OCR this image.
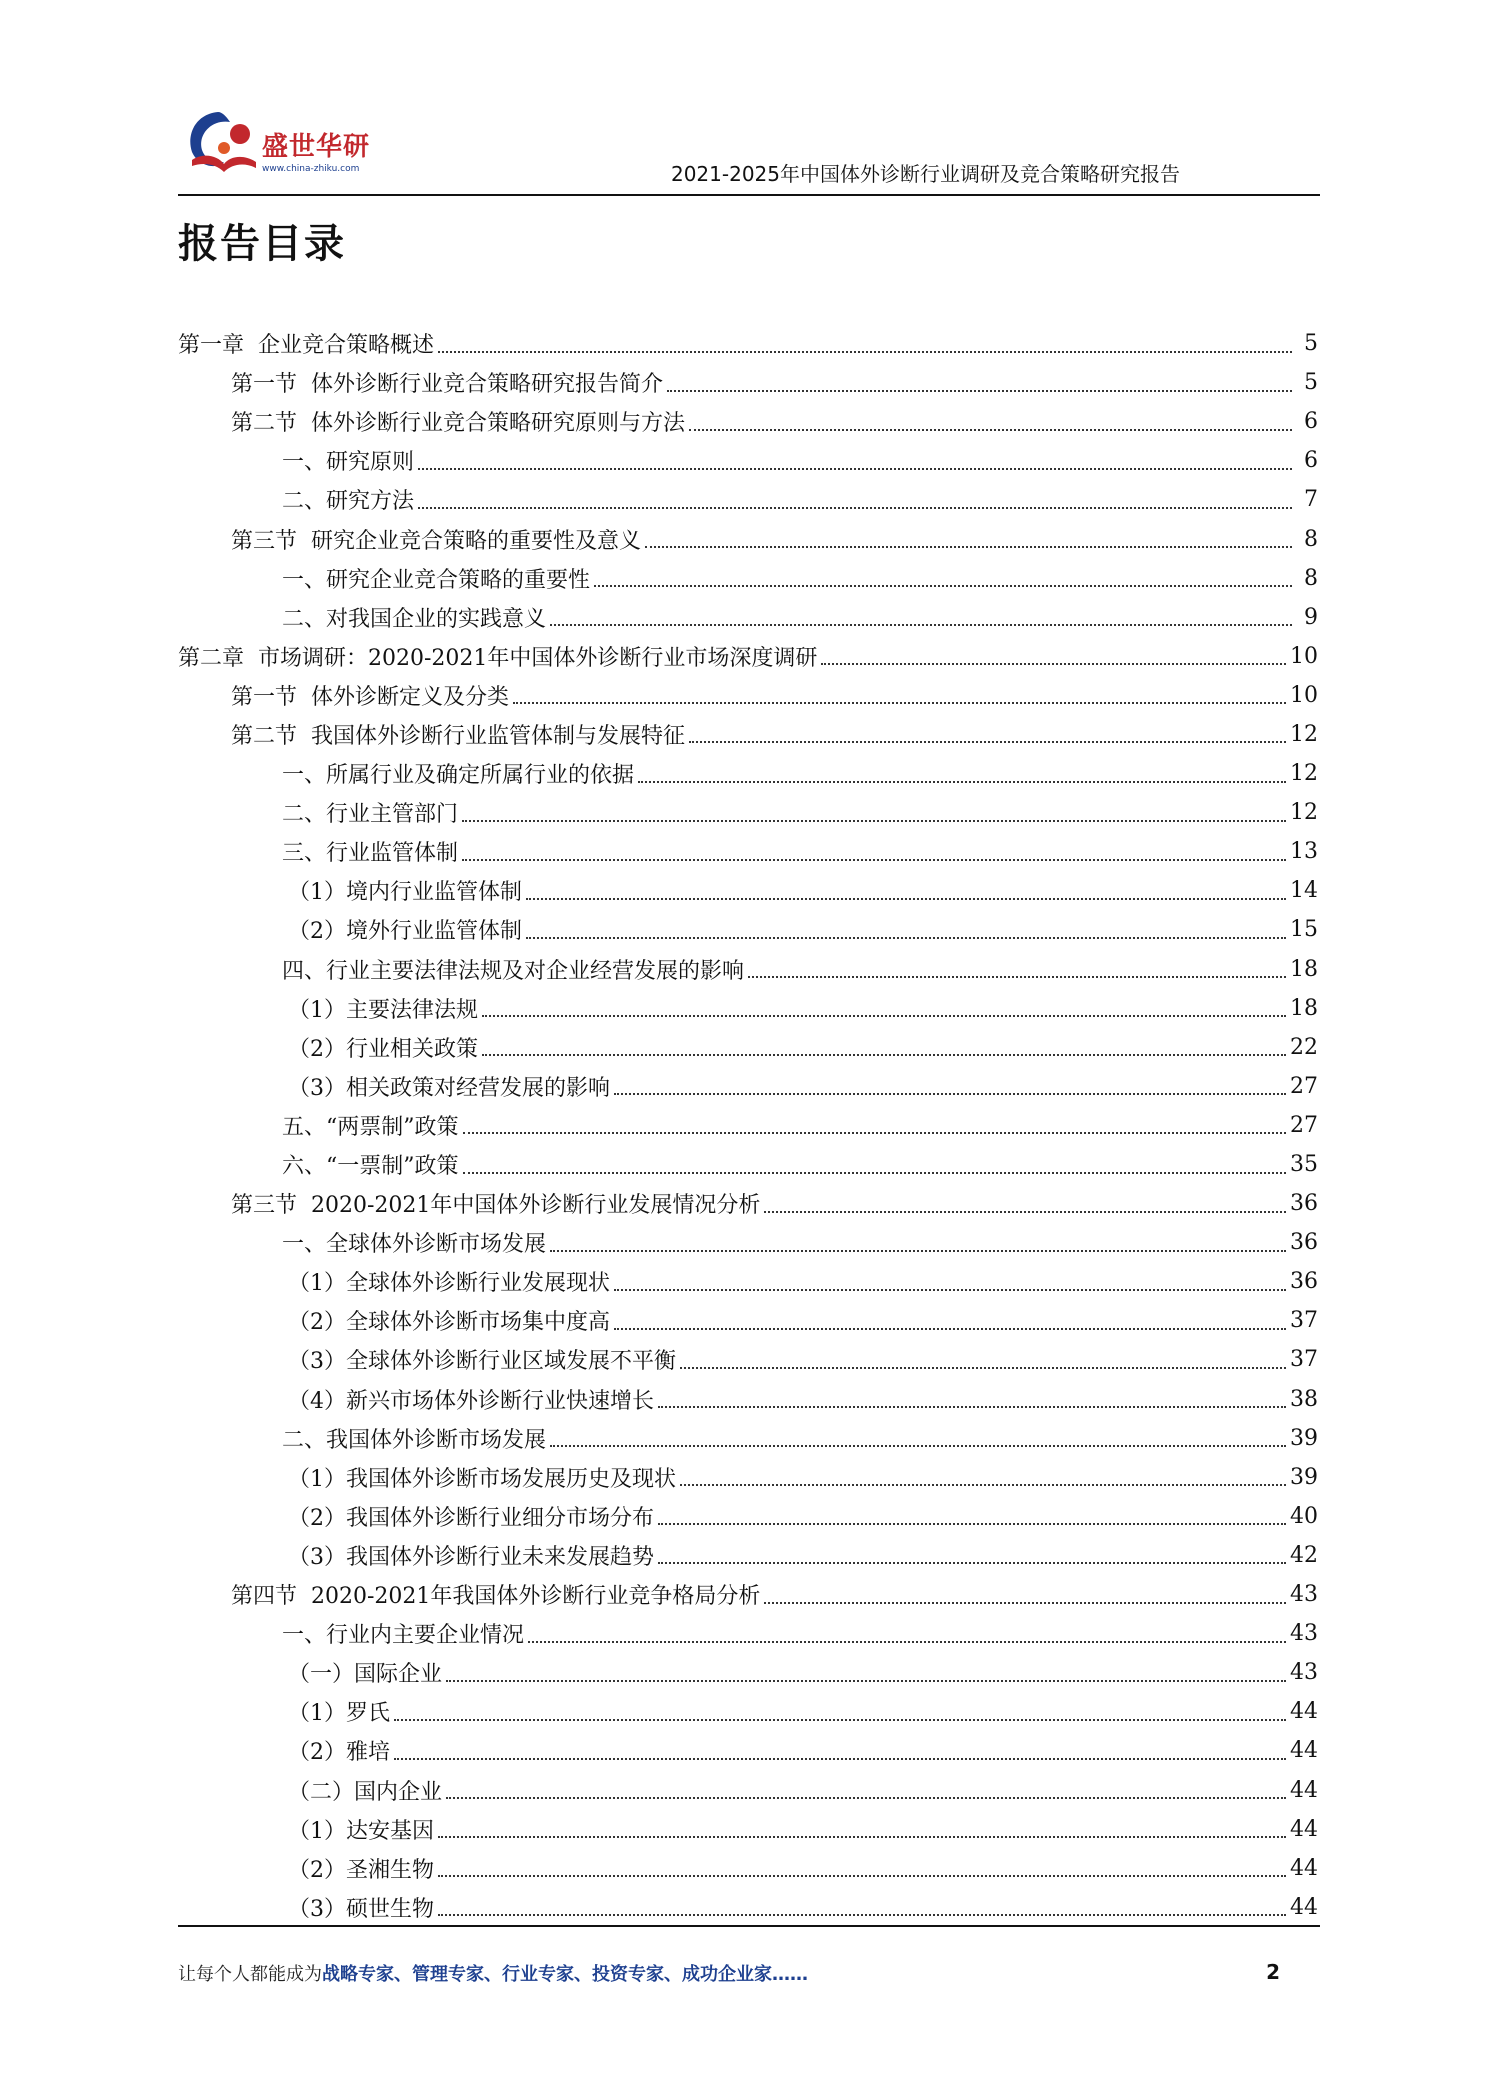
盛世华研
www.china-zhiku.com	2021-2025年中国体外诊断行业调研及竞合策略研究报告
报告目录
第一章  企业竞合策略概述	5
第一节  体外诊断行业竞合策略研究报告简介	5
第二节  体外诊断行业竞合策略研究原则与方法	6
一、研究原则	6
二、研究方法	7
第三节  研究企业竞合策略的重要性及意义	8
一、研究企业竞合策略的重要性	8
二、对我国企业的实践意义	9
第二章  市场调研：2020-2021年中国体外诊断行业市场深度调研	10
第一节  体外诊断定义及分类	10
第二节  我国体外诊断行业监管体制与发展特征	12
一、所属行业及确定所属行业的依据	12
二、行业主管部门	12
三、行业监管体制	13
（1）境内行业监管体制	14
（2）境外行业监管体制	15
四、行业主要法律法规及对企业经营发展的影响	18
（1）主要法律法规	18
（2）行业相关政策	22
（3）相关政策对经营发展的影响	27
五、“两票制”政策	27
六、“一票制”政策	35
第三节  2020-2021年中国体外诊断行业发展情况分析	36
一、全球体外诊断市场发展	36
（1）全球体外诊断行业发展现状	36
（2）全球体外诊断市场集中度高	37
（3）全球体外诊断行业区域发展不平衡	37
（4）新兴市场体外诊断行业快速增长	38
二、我国体外诊断市场发展	39
（1）我国体外诊断市场发展历史及现状	39
（2）我国体外诊断行业细分市场分布	40
（3）我国体外诊断行业未来发展趋势	42
第四节  2020-2021年我国体外诊断行业竞争格局分析	43
一、行业内主要企业情况	43
（一）国际企业	43
（1）罗氏	44
（2）雅培	44
（二）国内企业	44
（1）达安基因	44
（2）圣湘生物	44
（3）硕世生物	44
让每个人都能成为战略专家、管理专家、行业专家、投资专家、成功企业家……	2
